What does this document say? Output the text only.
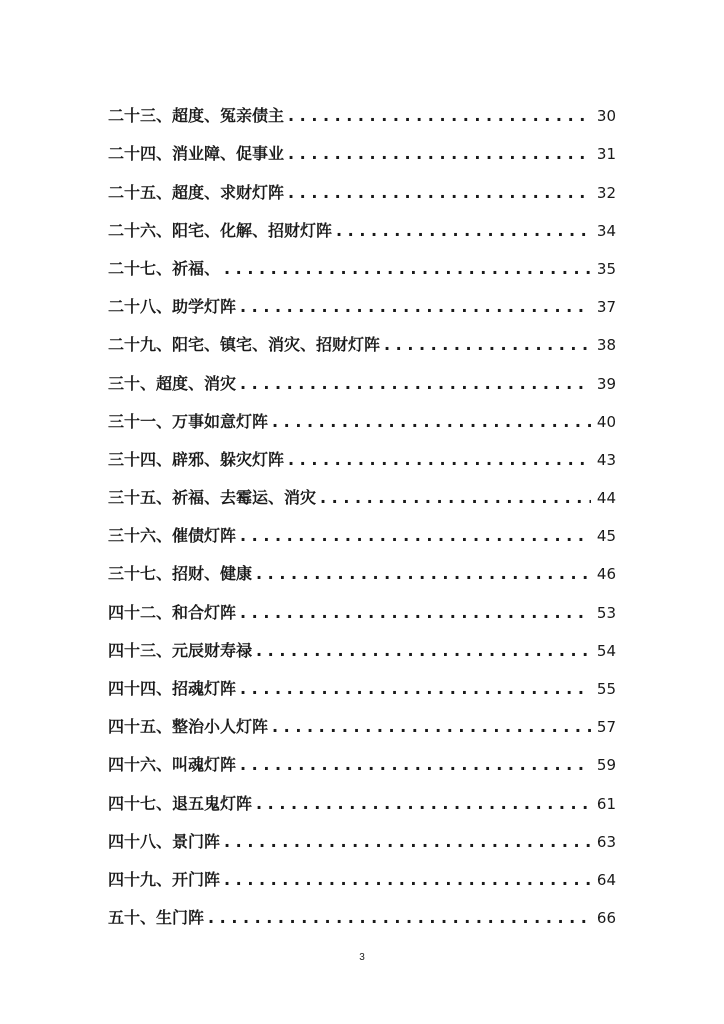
二十三、超度、冤亲债主 . . .	30
二十四、消业障、促事业 . . .	31
二十五、超度、求财灯阵 . . .	32
二十六、阳宅、化解、招财灯阵 . . .	34
二十七、祈福、 . . .	35
二十八、助学灯阵 . . .	37
二十九、阳宅、镇宅、消灾、招财灯阵 . . .	38
三十、超度、消灾 . . .	39
三十一、万事如意灯阵 . . .	40
三十四、辟邪、躲灾灯阵 . . .	43
三十五、祈福、去霉运、消灾 . . .	44
三十六、催债灯阵 . . .	45
三十七、招财、健康 . . .	46
四十二、和合灯阵 . . .	53
四十三、元辰财寿禄 . . .	54
四十四、招魂灯阵 . . .	55
四十五、整治小人灯阵 . . .	57
四十六、叫魂灯阵 . . .	59
四十七、退五鬼灯阵 . . .	61
四十八、景门阵 . . .	63
四十九、开门阵 . . .	64
五十、生门阵 . . .	66
3
